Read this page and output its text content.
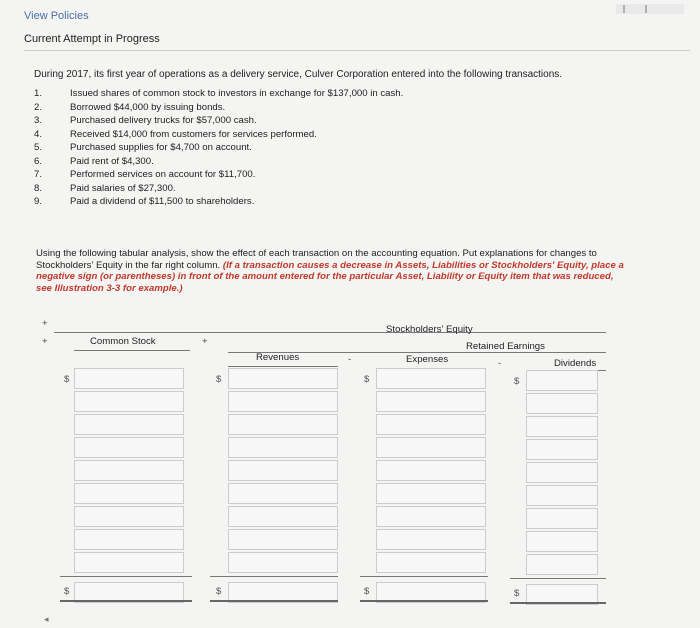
View Policies
Current Attempt in Progress
During 2017, its first year of operations as a delivery service, Culver Corporation entered into the following transactions.
1.	Issued shares of common stock to investors in exchange for $137,000 in cash.
2.	Borrowed $44,000 by issuing bonds.
3.	Purchased delivery trucks for $57,000 cash.
4.	Received $14,000 from customers for services performed.
5.	Purchased supplies for $4,700 on account.
6.	Paid rent of $4,300.
7.	Performed services on account for $11,700.
8.	Paid salaries of $27,300.
9.	Paid a dividend of $11,500 to shareholders.
Using the following tabular analysis, show the effect of each transaction on the accounting equation. Put explanations for changes to Stockholders' Equity in the far right column. (If a transaction causes a decrease in Assets, Liabilities or Stockholders' Equity, place a negative sign (or parentheses) in front of the amount entered for the particular Asset, Liability or Equity item that was reduced, see Illustration 3-3 for example.)
+
+
Stockholders' Equity
Common Stock	+	Retained Earnings
Revenues	-	Expenses	-	Dividends
$	$	$	$
$	$	$	$
◂
